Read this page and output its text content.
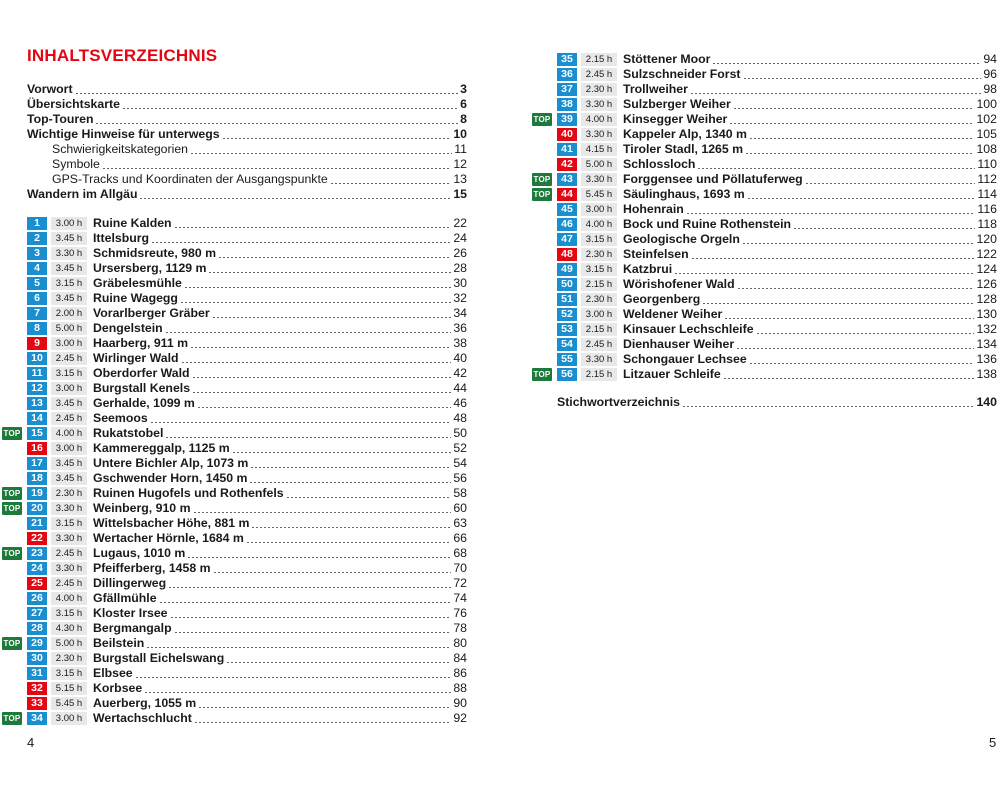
INHALTSVERZEICHNIS
Vorwort	3
Übersichtskarte	6
Top-Touren	8
Wichtige Hinweise für unterwegs	10
Schwierigkeitskategorien	11
Symbole	12
GPS-Tracks und Koordinaten der Ausgangspunkte	13
Wandern im Allgäu	15
1	3.00 h Ruine Kalden	22
2	3.45 h Ittelsburg	24
3	3.30 h Schmidsreute, 980 m	26
4	3.45 h Ursersberg, 1129 m	28
5	3.15 h Gräbelesmühle	30
6	3.45 h Ruine Wagegg	32
7	2.00 h Vorarlberger Gräber	34
8	5.00 h Dengelstein	36
9	3.00 h Haarberg, 911 m	38
10	2.45 h Wirlinger Wald	40
11	3.15 h Oberdorfer Wald	42
12	3.00 h Burgstall Kenels	44
13	3.45 h Gerhalde, 1099 m	46
14	2.45 h Seemoos	48
TOP	15	4.00 h Rukatstobel	50
16	3.00 h Kammereggalp, 1125 m	52
17	3.45 h Untere Bichler Alp, 1073 m	54
18	3.45 h Gschwender Horn, 1450 m	56
TOP	19	2.30 h Ruinen Hugofels und Rothenfels	58
TOP	20	3.30 h Weinberg, 910 m	60
21	3.15 h Wittelsbacher Höhe, 881 m	63
22	3.30 h Wertacher Hörnle, 1684 m	66
TOP	23	2.45 h Lugaus, 1010 m	68
24	3.30 h Pfeifferberg, 1458 m	70
25	2.45 h Dillingerweg	72
26	4.00 h Gfällmühle	74
27	3.15 h Kloster Irsee	76
28	4.30 h Bergmangalp	78
TOP	29	5.00 h Beilstein	80
30	2.30 h Burgstall Eichelswang	84
31	3.15 h Elbsee	86
32	5.15 h Korbsee	88
33	5.45 h Auerberg, 1055 m	90
TOP	34	3.00 h Wertachschlucht	92
4
35	2.15 h Stöttener Moor	94
36	2.45 h Sulzschneider Forst	96
37	2.30 h Trollweiher	98
38	3.30 h Sulzberger Weiher	100
TOP	39	4.00 h Kinsegger Weiher	102
40	3.30 h Kappeler Alp, 1340 m	105
41	4.15 h Tiroler Stadl, 1265 m	108
42	5.00 h Schlossloch	110
TOP	43	3.30 h Forggensee und Pöllatuferweg	112
TOP	44	5.45 h Säulinghaus, 1693 m	114
45	3.00 h Hohenrain	116
46	4.00 h Bock und Ruine Rothenstein	118
47	3.15 h Geologische Orgeln	120
48	2.30 h Steinfelsen	122
49	3.15 h Katzbrui	124
50	2.15 h Wörishofener Wald	126
51	2.30 h Georgenberg	128
52	3.00 h Weldener Weiher	130
53	2.15 h Kinsauer Lechschleife	132
54	2.45 h Dienhauser Weiher	134
55	3.30 h Schongauer Lechsee	136
TOP	56	2.15 h Litzauer Schleife	138
Stichwortverzeichnis	140
5
